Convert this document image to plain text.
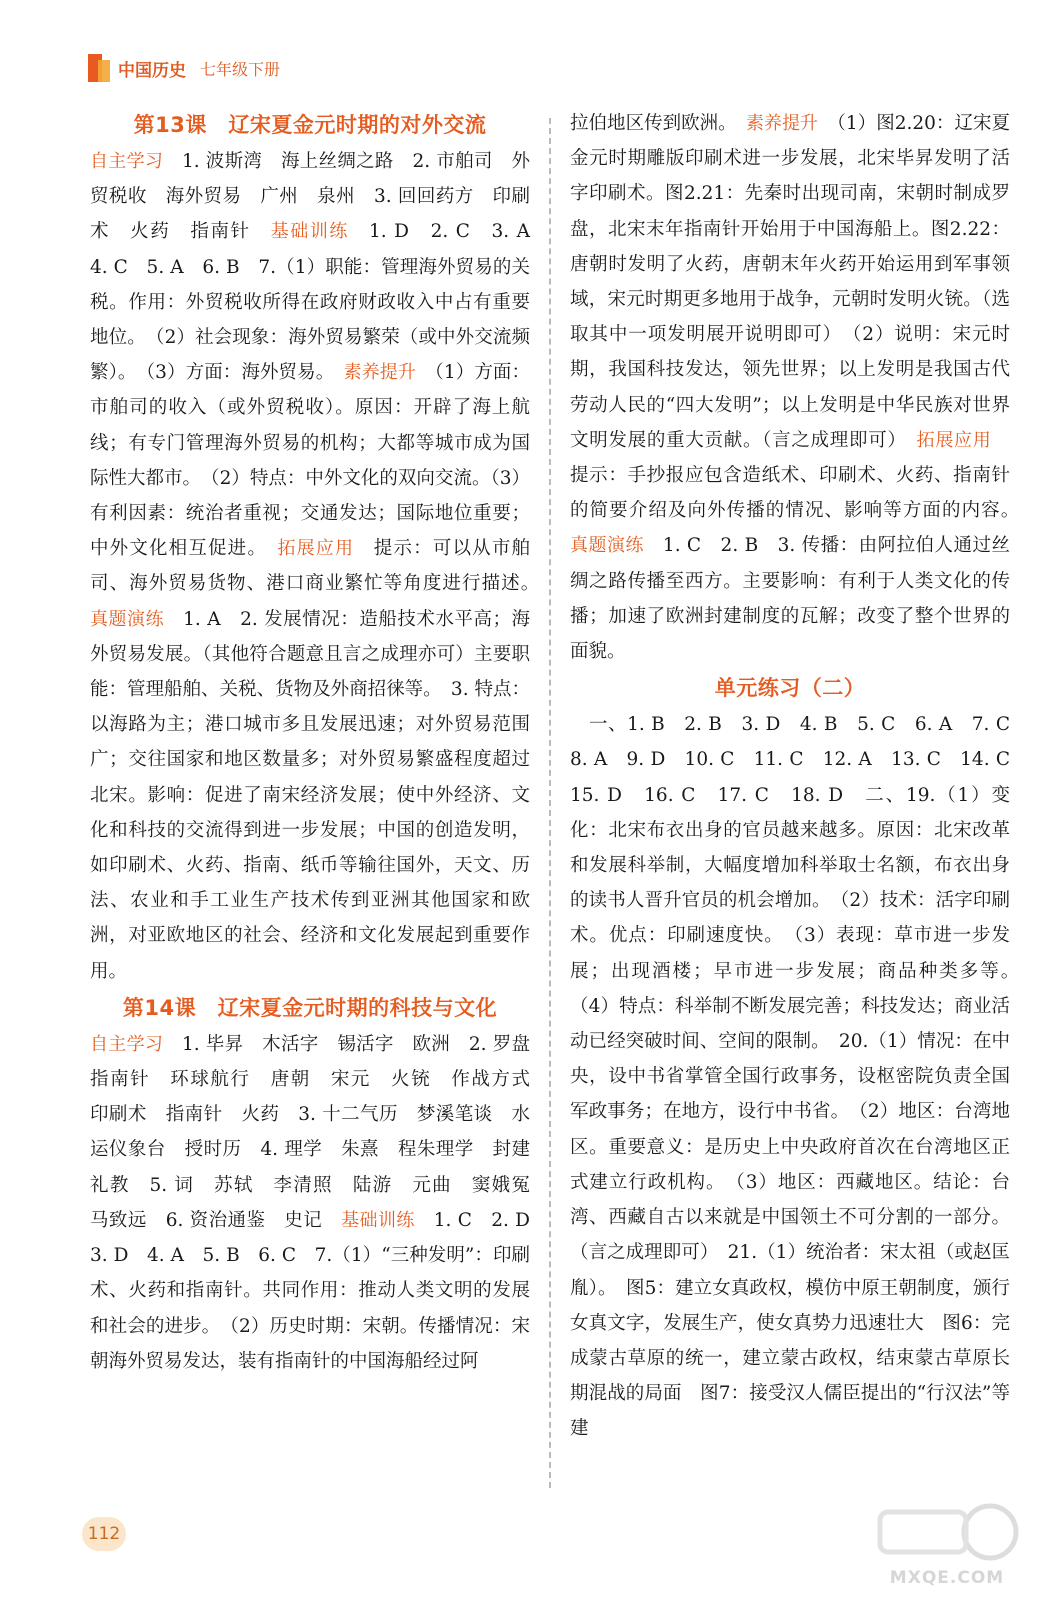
中国历史 七年级下册
第13课　辽宋夏金元时期的对外交流

自主学习　1. 波斯湾　海上丝绸之路　2. 市舶司　外贸税收　海外贸易　广州　泉州　3. 回回药方　印刷术　火药　指南针　基础训练　1. D　2. C　3. A　4. C　5. A　6. B　7.（1）职能：管理海外贸易的关税。作用：外贸税收所得在政府财政收入中占有重要地位。　（2）社会现象：海外贸易繁荣（或中外交流频繁）。　（3）方面：海外贸易。　素养提升　（1）方面：市舶司的收入（或外贸税收）。原因：开辟了海上航线；有专门管理海外贸易的机构；大都等城市成为国际性大都市。　（2）特点：中外文化的双向交流。（3）有利因素：统治者重视；交通发达；国际地位重要；中外文化相互促进。　拓展应用　提示：可以从市舶司、海外贸易货物、港口商业繁忙等角度进行描述。　真题演练　1. A　2. 发展情况：造船技术水平高；海外贸易发展。（其他符合题意且言之成理亦可）主要职能：管理船舶、关税、货物及外商招徕等。　3. 特点：以海路为主；港口城市多且发展迅速；对外贸易范围广；交往国家和地区数量多；对外贸易繁盛程度超过北宋。影响：促进了南宋经济发展；使中外经济、文化和科技的交流得到进一步发展；中国的创造发明，如印刷术、火药、指南、纸币等输往国外，天文、历法、农业和手工业生产技术传到亚洲其他国家和欧洲，对亚欧地区的社会、经济和文化发展起到重要作用。

第14课　辽宋夏金元时期的科技与文化

自主学习　1. 毕昇　木活字　锡活字　欧洲　2. 罗盘　指南针　环球航行　唐朝　宋元　火铳　作战方式　印刷术　指南针　火药　3. 十二气历　梦溪笔谈　水运仪象台　授时历　4. 理学　朱熹　程朱理学　封建礼教　5. 词　苏轼　李清照　陆游　元曲　窦娥冤　马致远　6. 资治通鉴　史记　基础训练　1. C　2. D　3. D　4. A　5. B　6. C　7.（1）“三种发明”：印刷术、火药和指南针。共同作用：推动人类文明的发展和社会的进步。　（2）历史时期：宋朝。传播情况：宋朝海外贸易发达，装有指南针的中国海船经过阿

拉伯地区传到欧洲。　素养提升　（1）图2.20：辽宋夏金元时期雕版印刷术进一步发展，北宋毕昇发明了活字印刷术。图2.21：先秦时出现司南，宋朝时制成罗盘，北宋末年指南针开始用于中国海船上。图2.22：唐朝时发明了火药，唐朝末年火药开始运用到军事领域，宋元时期更多地用于战争，元朝时发明火铳。（选取其中一项发明展开说明即可）　（2）说明：宋元时期，我国科技发达，领先世界；以上发明是我国古代劳动人民的“四大发明”；以上发明是中华民族对世界文明发展的重大贡献。（言之成理即可）　拓展应用　提示：手抄报应包含造纸术、印刷术、火药、指南针的简要介绍及向外传播的情况、影响等方面的内容。　真题演练　1. C　2. B　3. 传播：由阿拉伯人通过丝绸之路传播至西方。主要影响：有利于人类文化的传播；加速了欧洲封建制度的瓦解；改变了整个世界的面貌。

单元练习（二）

　一、1. B　2. B　3. D　4. B　5. C　6. A　7. C　8. A　9. D　10. C　11. C　12. A　13. C　14. C　15. D　16. C　17. C　18. D　二、19.（1）变化：北宋布衣出身的官员越来越多。原因：北宋改革和发展科举制，大幅度增加科举取士名额，布衣出身的读书人晋升官员的机会增加。　（2）技术：活字印刷术。优点：印刷速度快。　（3）表现：草市进一步发展；出现酒楼；早市进一步发展；商品种类多等。　（4）特点：科举制不断发展完善；科技发达；商业活动已经突破时间、空间的限制。　20.（1）情况：在中央，设中书省掌管全国行政事务，设枢密院负责全国军政事务；在地方，设行中书省。　（2）地区：台湾地区。重要意义：是历史上中央政府首次在台湾地区正式建立行政机构。　（3）地区：西藏地区。结论：台湾、西藏自古以来就是中国领土不可分割的一部分。（言之成理即可）　21.（1）统治者：宋太祖（或赵匡胤）。　图5：建立女真政权，模仿中原王朝制度，颁行女真文字，发展生产，使女真势力迅速壮大　图6：完成蒙古草原的统一，建立蒙古政权，结束蒙古草原长期混战的局面　图7：接受汉人儒臣提出的“行汉法”等建

112
MXQE.COM
